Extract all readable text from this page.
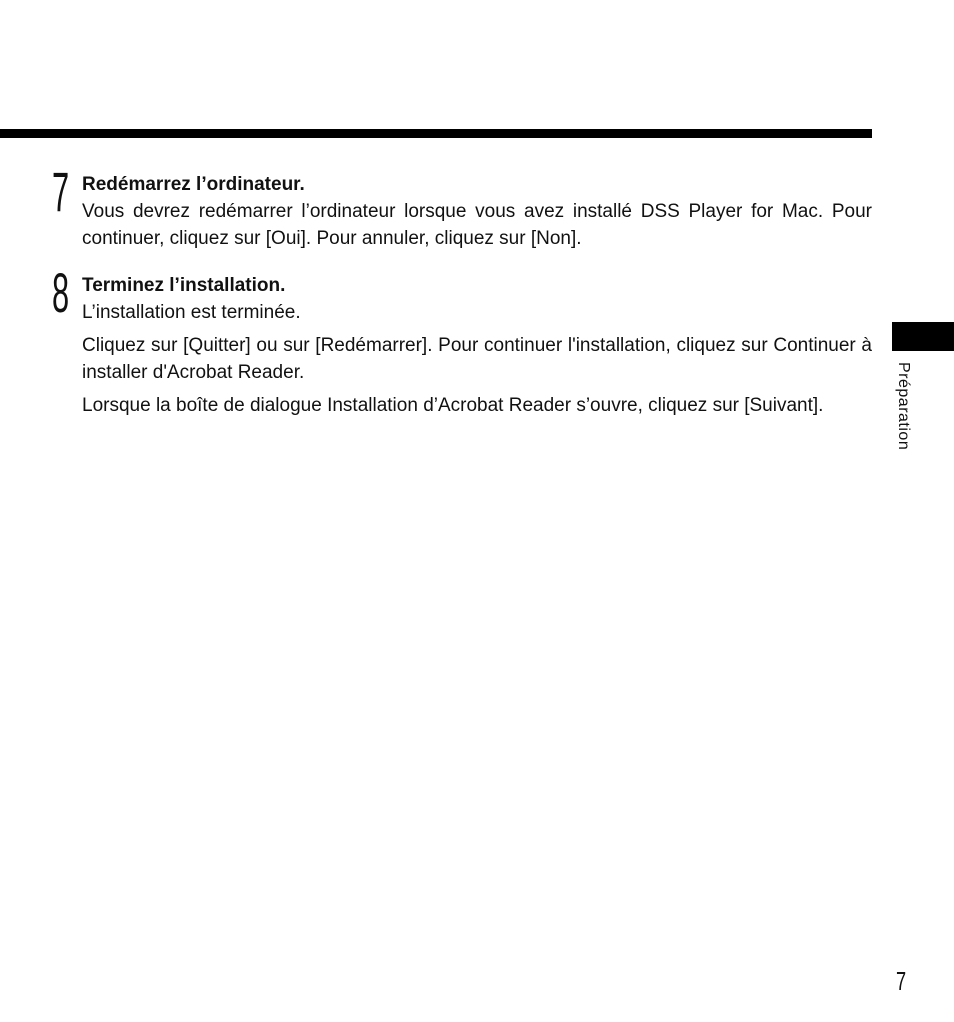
7 Redémarrez l’ordinateur.

Vous devrez redémarrer l’ordinateur lorsque vous avez installé DSS Player for Mac. Pour continuer, cliquez sur [Oui]. Pour annuler, cliquez sur [Non].

8 Terminez l’installation.

L’installation est terminée.

Cliquez sur [Quitter] ou sur [Redémarrer]. Pour continuer l'installation, cliquez sur Continuer à installer d'Acrobat Reader.

Lorsque la boîte de dialogue Installation d’Acrobat Reader s’ouvre, cliquez sur [Suivant].	Préparation
7
